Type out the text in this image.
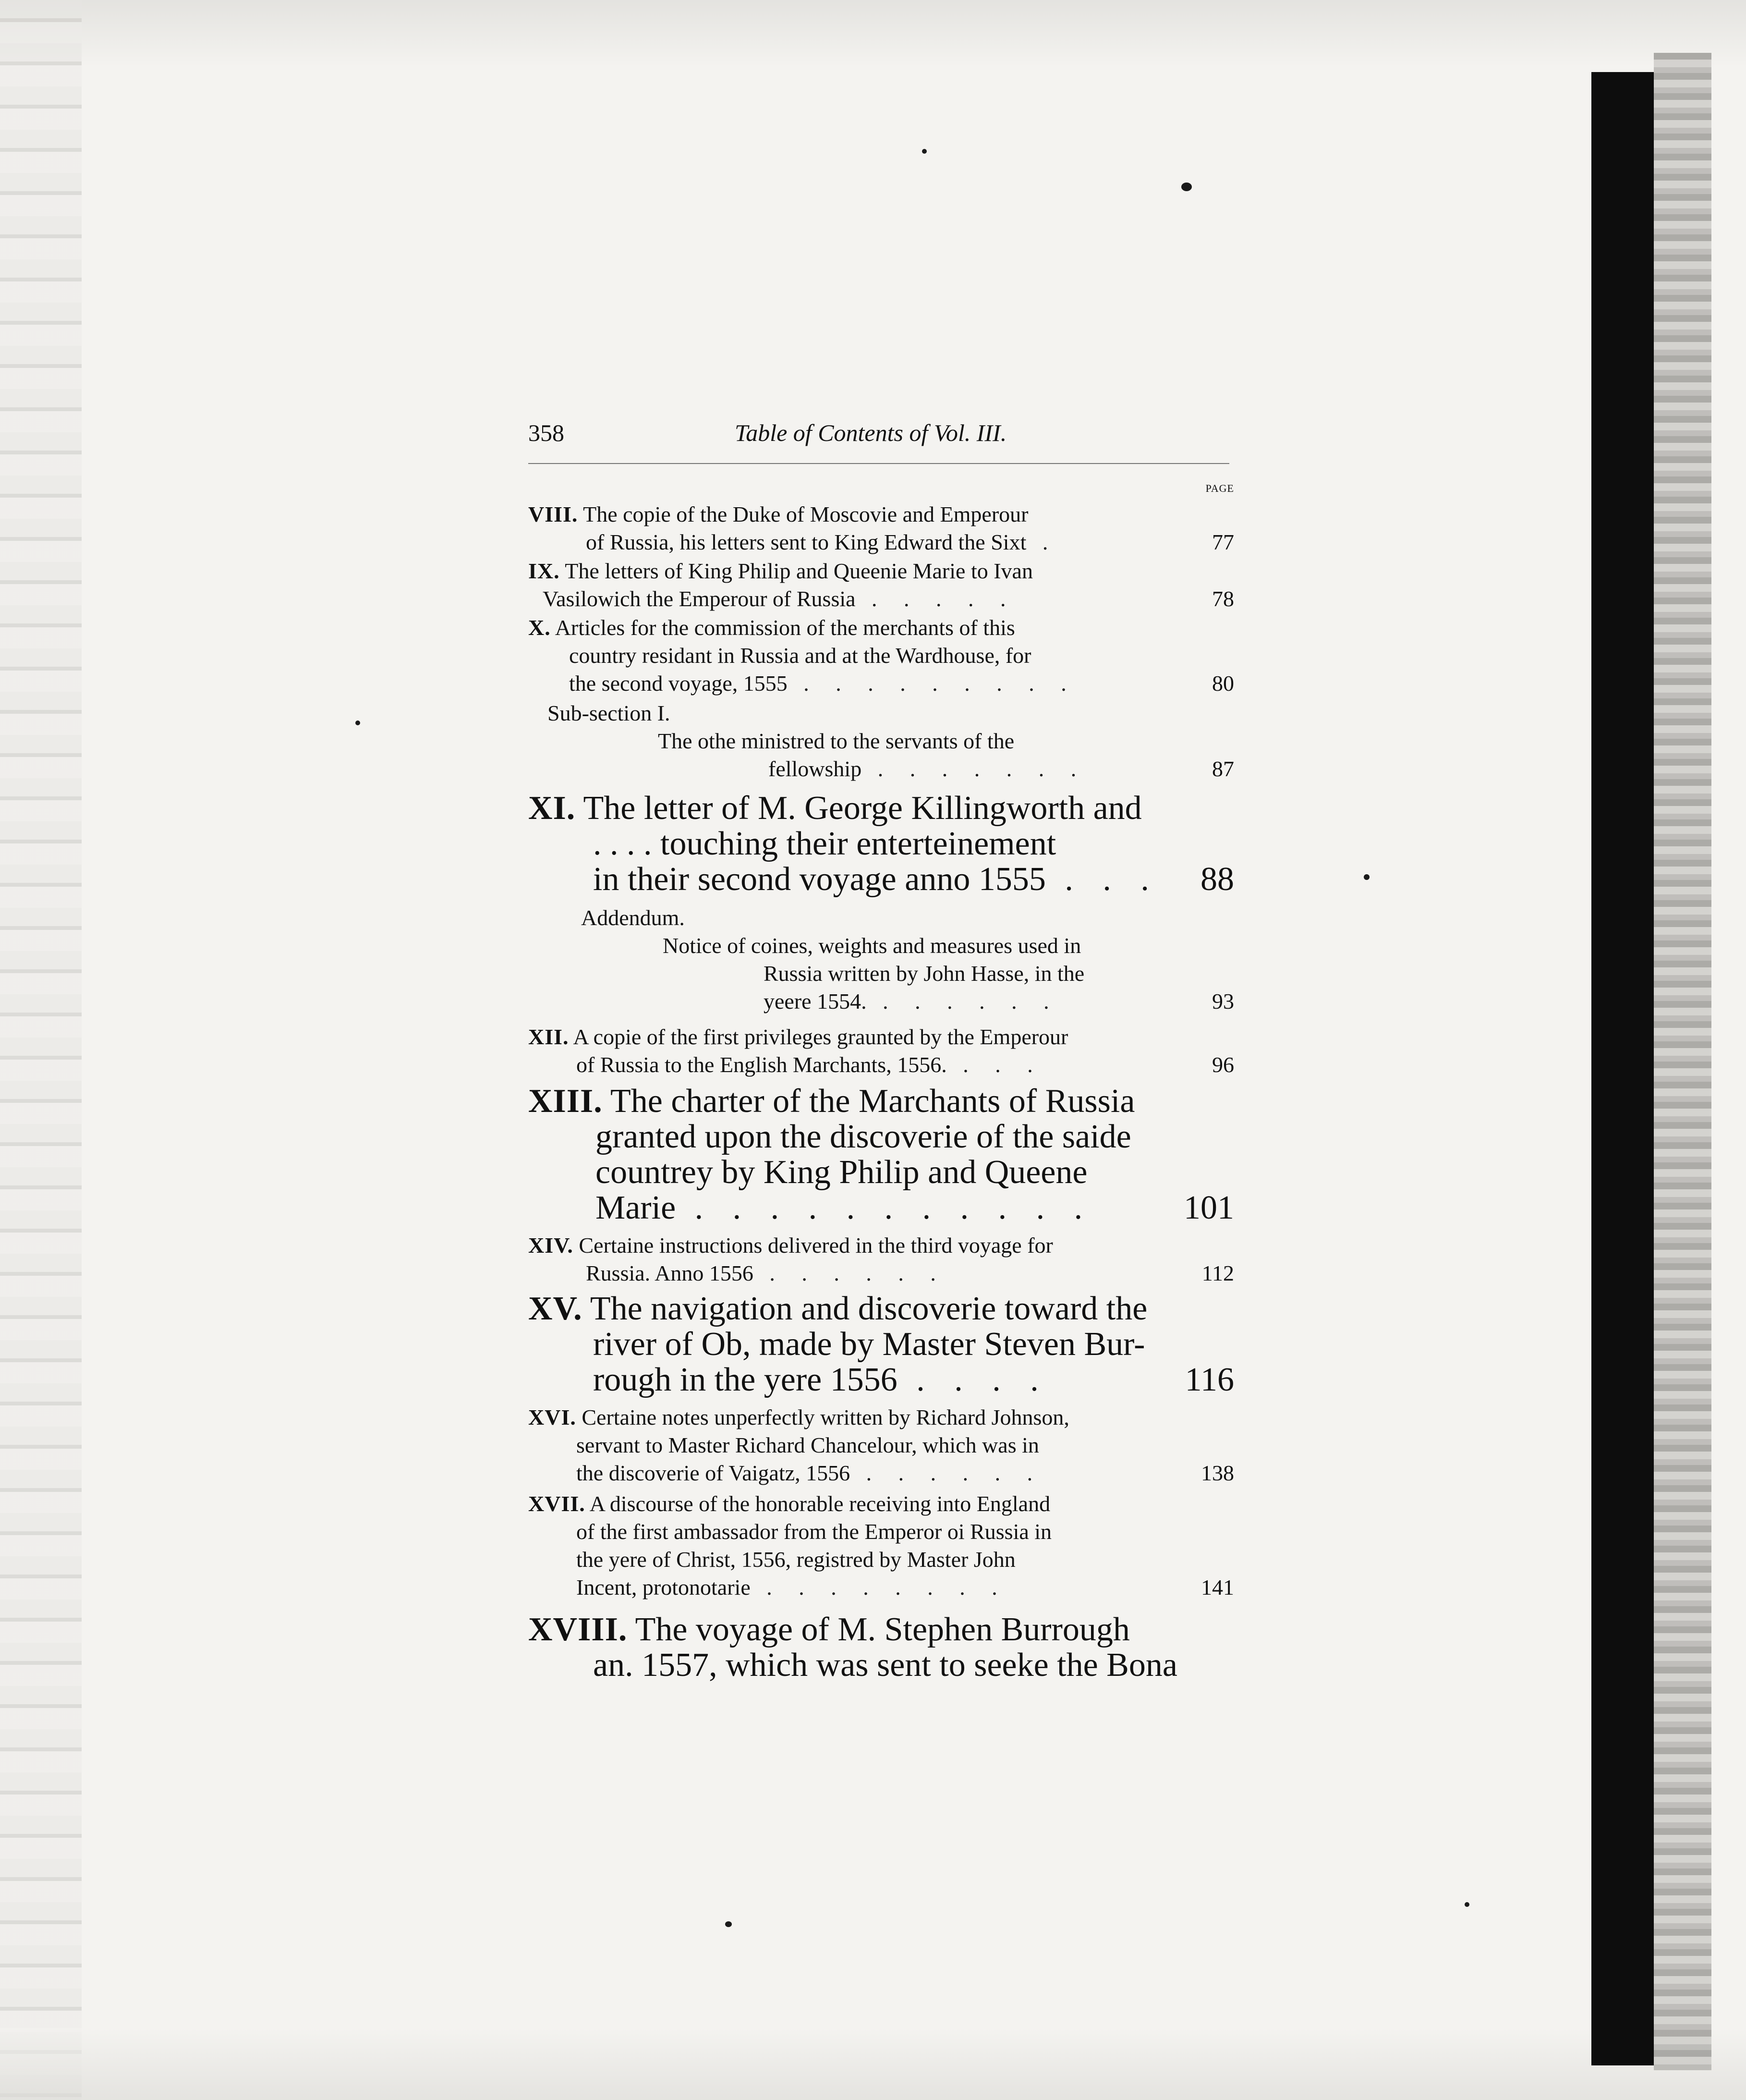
358	Table of Contents of Vol. III.
PAGE
VIII. The copie of the Duke of Moscovie and Emperour
of Russia, his letters sent to King Edward the Sixt .	77
IX. The letters of King Philip and Queenie Marie to Ivan
Vasilowich the Emperour of Russia . . . . .	78
X. Articles for the commission of the merchants of this
country residant in Russia and at the Wardhouse, for
the second voyage, 1555 . . . . . . . . .	80
Sub-section I.
The othe ministred to the servants of the
fellowship . . . . . . .	87
XI. The letter of M. George Killingworth and
. . . . touching their enterteinement
in their second voyage anno 1555 . . . 88
Addendum.
Notice of coines, weights and measures used in
Russia written by John Hasse, in the
yeere 1554. . . . . . .	93
XII. A copie of the first privileges graunted by the Emperour
of Russia to the English Marchants, 1556. . . .	96
XIII. The charter of the Marchants of Russia
granted upon the discoverie of the saide
countrey by King Philip and Queene
Marie . . . . . . . . . . .	101
XIV. Certaine instructions delivered in the third voyage for
Russia. Anno 1556 . . . . . .	112
XV. The navigation and discoverie toward the
river of Ob, made by Master Steven Bur-
rough in the yere 1556 . . . .	116
XVI. Certaine notes unperfectly written by Richard Johnson,
servant to Master Richard Chancelour, which was in
the discoverie of Vaigatz, 1556 . . . . . .	138
XVII. A discourse of the honorable receiving into England
of the first ambassador from the Emperor oi Russia in
the yere of Christ, 1556, registred by Master John
Incent, protonotarie . . . . . . . .	141
XVIII. The voyage of M. Stephen Burrough
an. 1557, which was sent to seeke the Bona
